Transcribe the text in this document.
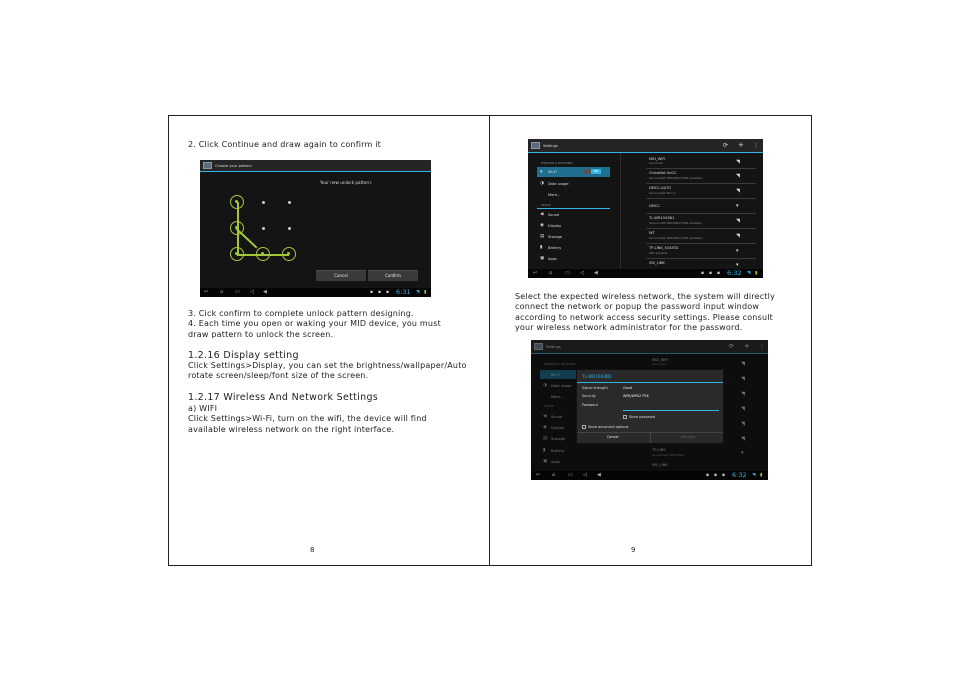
2. Click Continue and draw again to confirm it
Choose your pattern
Your new unlock pattern:
Cancel	Confirm
↩ ⌂ ▭ ◁ ◀	▪ ▪ ▪ 6:31 ◥ ▮
3. Cick confirm to complete unlock pattern designing.
4. Each time you open or waking your MID device, you must
draw pattern to unlock the screen.
1.2.16 Display setting
Click Settings>Display, you can set the brightness/wallpaper/Auto
rotate screen/sleep/font size of the screen.
1.2.17 Wireless And Network Settings
a) WIFI
Click Settings>Wi-Fi, turn on the wifi, the device will find
available wireless network on the right interface.
8
Settings	⟳ + ⋮
WIRELESS & NETWORKS
▾ Wi-Fi	ON
◑ Data usage
More...
DEVICE
◀ Sound
◉ Display
▤ Storage
▮ Battery
▣ Apps
MID_WIFI
Connected	◥
ChinaNet-5vGC
Secured with WPA/WPA2 (WPS available)	◥
DMCC-AUTO
Secured with 802.1x	◥
DMCC	▾
TL-WR1043N1
Secured with WPA/WPA2 (WPS available)	◥
WT
Secured with WPA/WPA2 (WPS available)	◥
TP-LINK_5C85TA
WPS available	▾
SW_LINK	▾
↩ ⌂	▭ ◁ ◀	▪ ▪ ▪ 6:32 ◥ ▮
Select the expected wireless network, the system will directly
connect the network or popup the password input window
according to network access security settings. Please consult
your wireless network administrator for the password.
Settings	⟳ + ⋮
WIRELESS & NETWORKS
Wi-Fi
◑ Data usage
More...
DEVICE
◀ Sound
◉ Display
▤ Storage
▮ Battery
▣ Apps
MID_WIFI
Connected	◥
◥
◥
◥
◥
◥
▾
TP-LINK
Secured with WPA/WPA2
SW_LINK
TL-WR1043N1
Signal strength	Good
Security	WPA/WPA2 PSK
Password
Show password
Show advanced options
Cancel	Connect
↩ ⌂	▭ ◁ ◀	▪ ▪ ▪ 6:32 ◥ ▮
9
